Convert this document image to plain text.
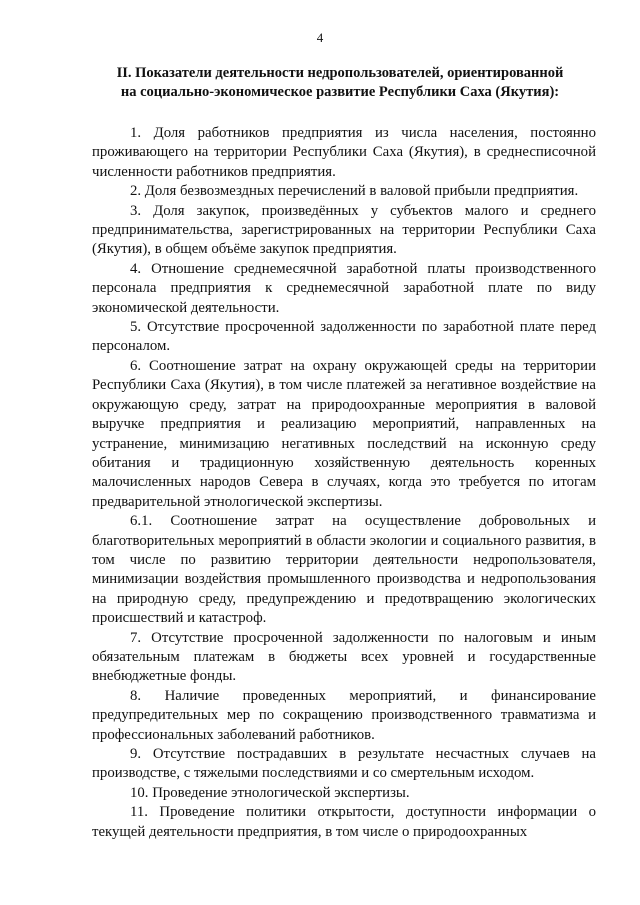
4
II. Показатели деятельности недропользователей, ориентированной
на социально-экономическое развитие Республики Саха (Якутия):

1. Доля работников предприятия из числа населения, постоянно проживающего на территории Республики Саха (Якутия), в среднесписочной численности работников предприятия.

2. Доля безвозмездных перечислений в валовой прибыли предприятия.

3. Доля закупок, произведённых у субъектов малого и среднего предпринимательства, зарегистрированных на территории Республики Саха (Якутия), в общем объёме закупок предприятия.

4. Отношение среднемесячной заработной платы производственного персонала предприятия к среднемесячной заработной плате по виду экономической деятельности.

5. Отсутствие просроченной задолженности по заработной плате перед персоналом.

6. Соотношение затрат на охрану окружающей среды на территории Республики Саха (Якутия), в том числе платежей за негативное воздействие на окружающую среду, затрат на природоохранные мероприятия в валовой выручке предприятия и реализацию мероприятий, направленных на устранение, минимизацию негативных последствий на исконную среду обитания и традиционную хозяйственную деятельность коренных малочисленных народов Севера в случаях, когда это требуется по итогам предварительной этнологической экспертизы.

6.1. Соотношение затрат на осуществление добровольных и благотворительных мероприятий в области экологии и социального развития, в том числе по развитию территории деятельности недропользователя, минимизации воздействия промышленного производства и недропользования на природную среду, предупреждению и предотвращению экологических происшествий и катастроф.

7. Отсутствие просроченной задолженности по налоговым и иным обязательным платежам в бюджеты всех уровней и государственные внебюджетные фонды.

8. Наличие проведенных мероприятий, и финансирование предупредительных мер по сокращению производственного травматизма и профессиональных заболеваний работников.

9. Отсутствие пострадавших в результате несчастных случаев на производстве, с тяжелыми последствиями и со смертельным исходом.

10. Проведение этнологической экспертизы.

11. Проведение политики открытости, доступности информации о текущей деятельности предприятия, в том числе о природоохранных
